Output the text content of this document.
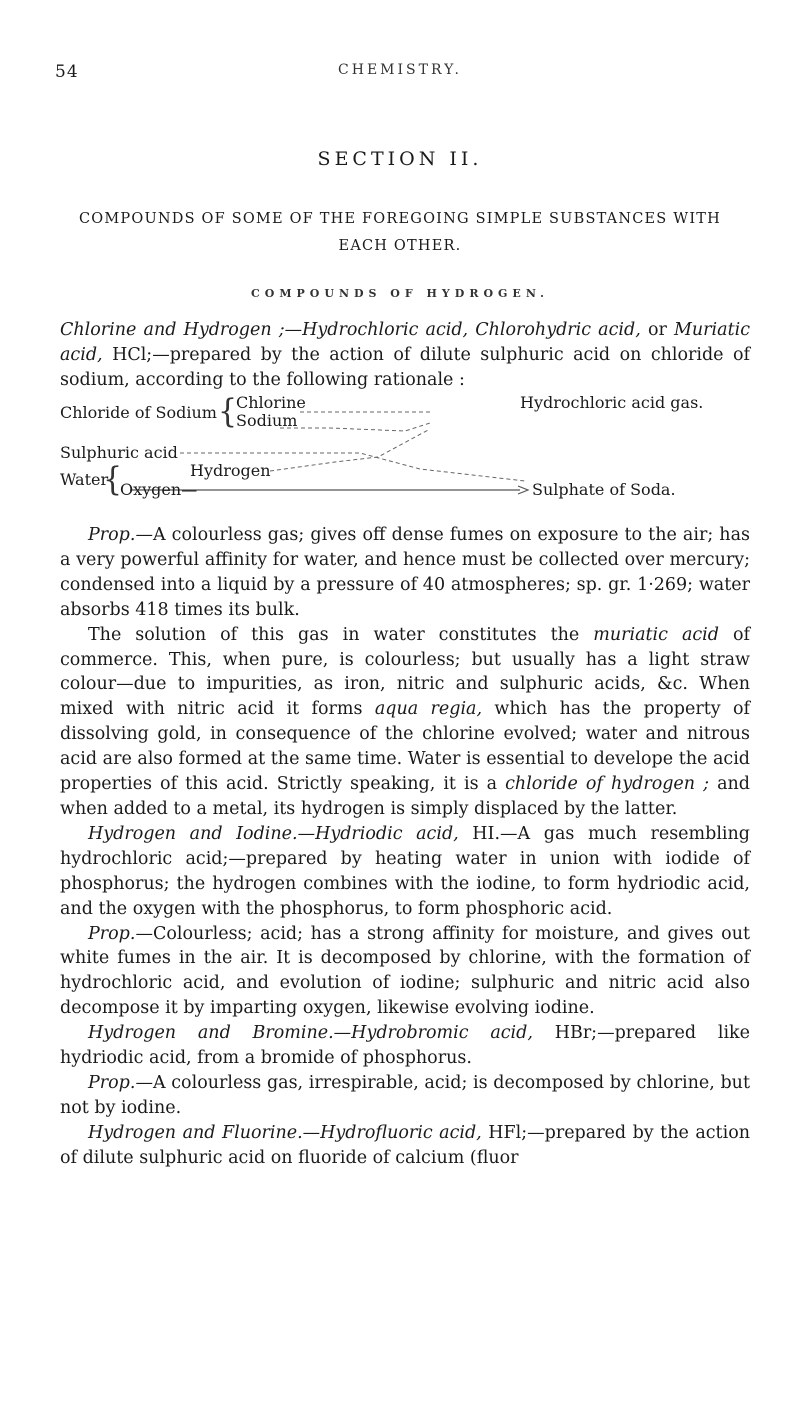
54	CHEMISTRY.
SECTION II.
COMPOUNDS OF SOME OF THE FOREGOING SIMPLE SUBSTANCES WITH EACH OTHER.
COMPOUNDS OF HYDROGEN.

Chlorine and Hydrogen ;—Hydrochloric acid, Chlorohydric acid, or Muriatic acid, HCl;—prepared by the action of dilute sulphuric acid on chloride of sodium, according to the following rationale :

Chloride of Sodium {
Chlorine
Sodium
Hydrochloric acid gas.
Sulphuric acid
Water
{	Hydrogen
Oxygen—	Sulphate of Soda.

Prop.—A colourless gas; gives off dense fumes on exposure to the air; has a very powerful affinity for water, and hence must be collected over mercury; condensed into a liquid by a pressure of 40 atmospheres; sp. gr. 1·269; water absorbs 418 times its bulk.

The solution of this gas in water constitutes the muriatic acid of commerce. This, when pure, is colourless; but usually has a light straw colour—due to impurities, as iron, nitric and sulphuric acids, &c. When mixed with nitric acid it forms aqua regia, which has the property of dissolving gold, in consequence of the chlorine evolved; water and nitrous acid are also formed at the same time. Water is essential to develope the acid properties of this acid. Strictly speaking, it is a chloride of hydrogen ; and when added to a metal, its hydrogen is simply displaced by the latter.

Hydrogen and Iodine.—Hydriodic acid, HI.—A gas much resembling hydrochloric acid;—prepared by heating water in union with iodide of phosphorus; the hydrogen combines with the iodine, to form hydriodic acid, and the oxygen with the phosphorus, to form phosphoric acid.

Prop.—Colourless; acid; has a strong affinity for moisture, and gives out white fumes in the air. It is decomposed by chlorine, with the formation of hydrochloric acid, and evolution of iodine; sulphuric and nitric acid also decompose it by imparting oxygen, likewise evolving iodine.

Hydrogen and Bromine.—Hydrobromic acid, HBr;—prepared like hydriodic acid, from a bromide of phosphorus.

Prop.—A colourless gas, irrespirable, acid; is decomposed by chlorine, but not by iodine.

Hydrogen and Fluorine.—Hydrofluoric acid, HFl;—prepared by the action of dilute sulphuric acid on fluoride of calcium (fluor
